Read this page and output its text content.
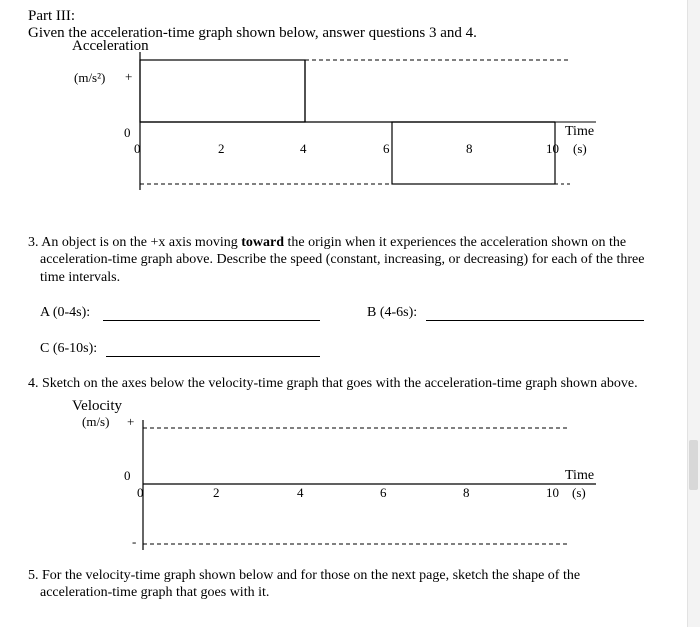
Part III:
Given the acceleration-time graph shown below, answer questions 3 and 4.
Acceleration
(m/s²) +
0
0	2	4	6	8	10
Time
(s)
3. An object is on the +x axis moving toward the origin when it experiences the acceleration shown on the
acceleration-time graph above. Describe the speed (constant, increasing, or decreasing) for each of the three
time intervals.
A (0-4s):	B (4-6s):
C (6-10s):
4. Sketch on the axes below the velocity-time graph that goes with the acceleration-time graph shown above.
Velocity
(m/s) +
0
-
0	2	4	6	8	10
Time
(s)
5. For the velocity-time graph shown below and for those on the next page, sketch the shape of the
acceleration-time graph that goes with it.
